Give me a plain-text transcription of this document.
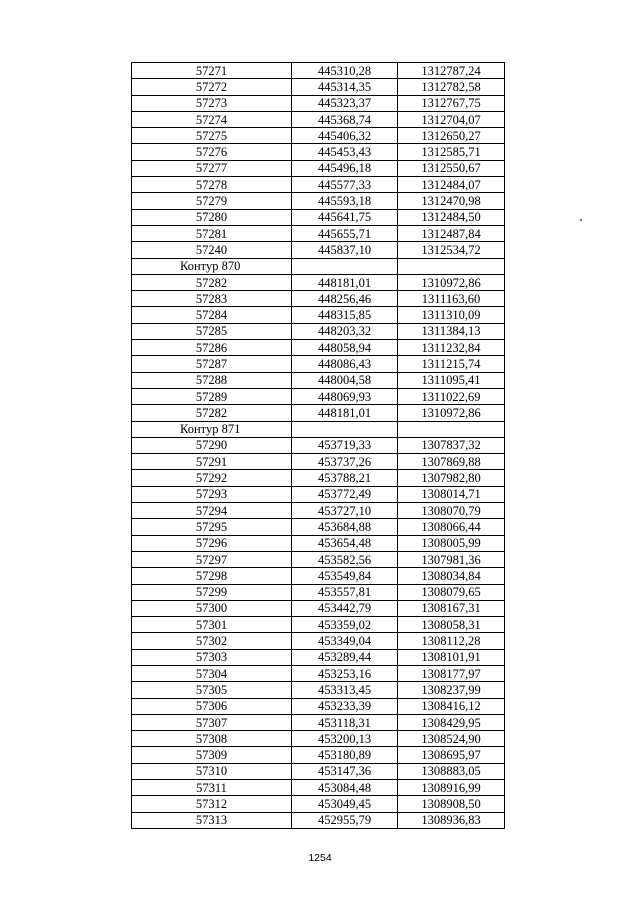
57271	445310,28	1312787,24
57272	445314,35	1312782,58
57273	445323,37	1312767,75
57274	445368,74	1312704,07
57275	445406,32	1312650,27
57276	445453,43	1312585,71
57277	445496,18	1312550,67
57278	445577,33	1312484,07
57279	445593,18	1312470,98
57280	445641,75	1312484,50
57281	445655,71	1312487,84
57240	445837,10	1312534,72
Контур 870		
57282	448181,01	1310972,86
57283	448256,46	1311163,60
57284	448315,85	1311310,09
57285	448203,32	1311384,13
57286	448058,94	1311232,84
57287	448086,43	1311215,74
57288	448004,58	1311095,41
57289	448069,93	1311022,69
57282	448181,01	1310972,86
Контур 871		
57290	453719,33	1307837,32
57291	453737,26	1307869,88
57292	453788,21	1307982,80
57293	453772,49	1308014,71
57294	453727,10	1308070,79
57295	453684,88	1308066,44
57296	453654,48	1308005,99
57297	453582,56	1307981,36
57298	453549,84	1308034,84
57299	453557,81	1308079,65
57300	453442,79	1308167,31
57301	453359,02	1308058,31
57302	453349,04	1308112,28
57303	453289,44	1308101,91
57304	453253,16	1308177,97
57305	453313,45	1308237,99
57306	453233,39	1308416,12
57307	453118,31	1308429,95
57308	453200,13	1308524,90
57309	453180,89	1308695,97
57310	453147,36	1308883,05
57311	453084,48	1308916,99
57312	453049,45	1308908,50
57313	452955,79	1308936,83
1254
